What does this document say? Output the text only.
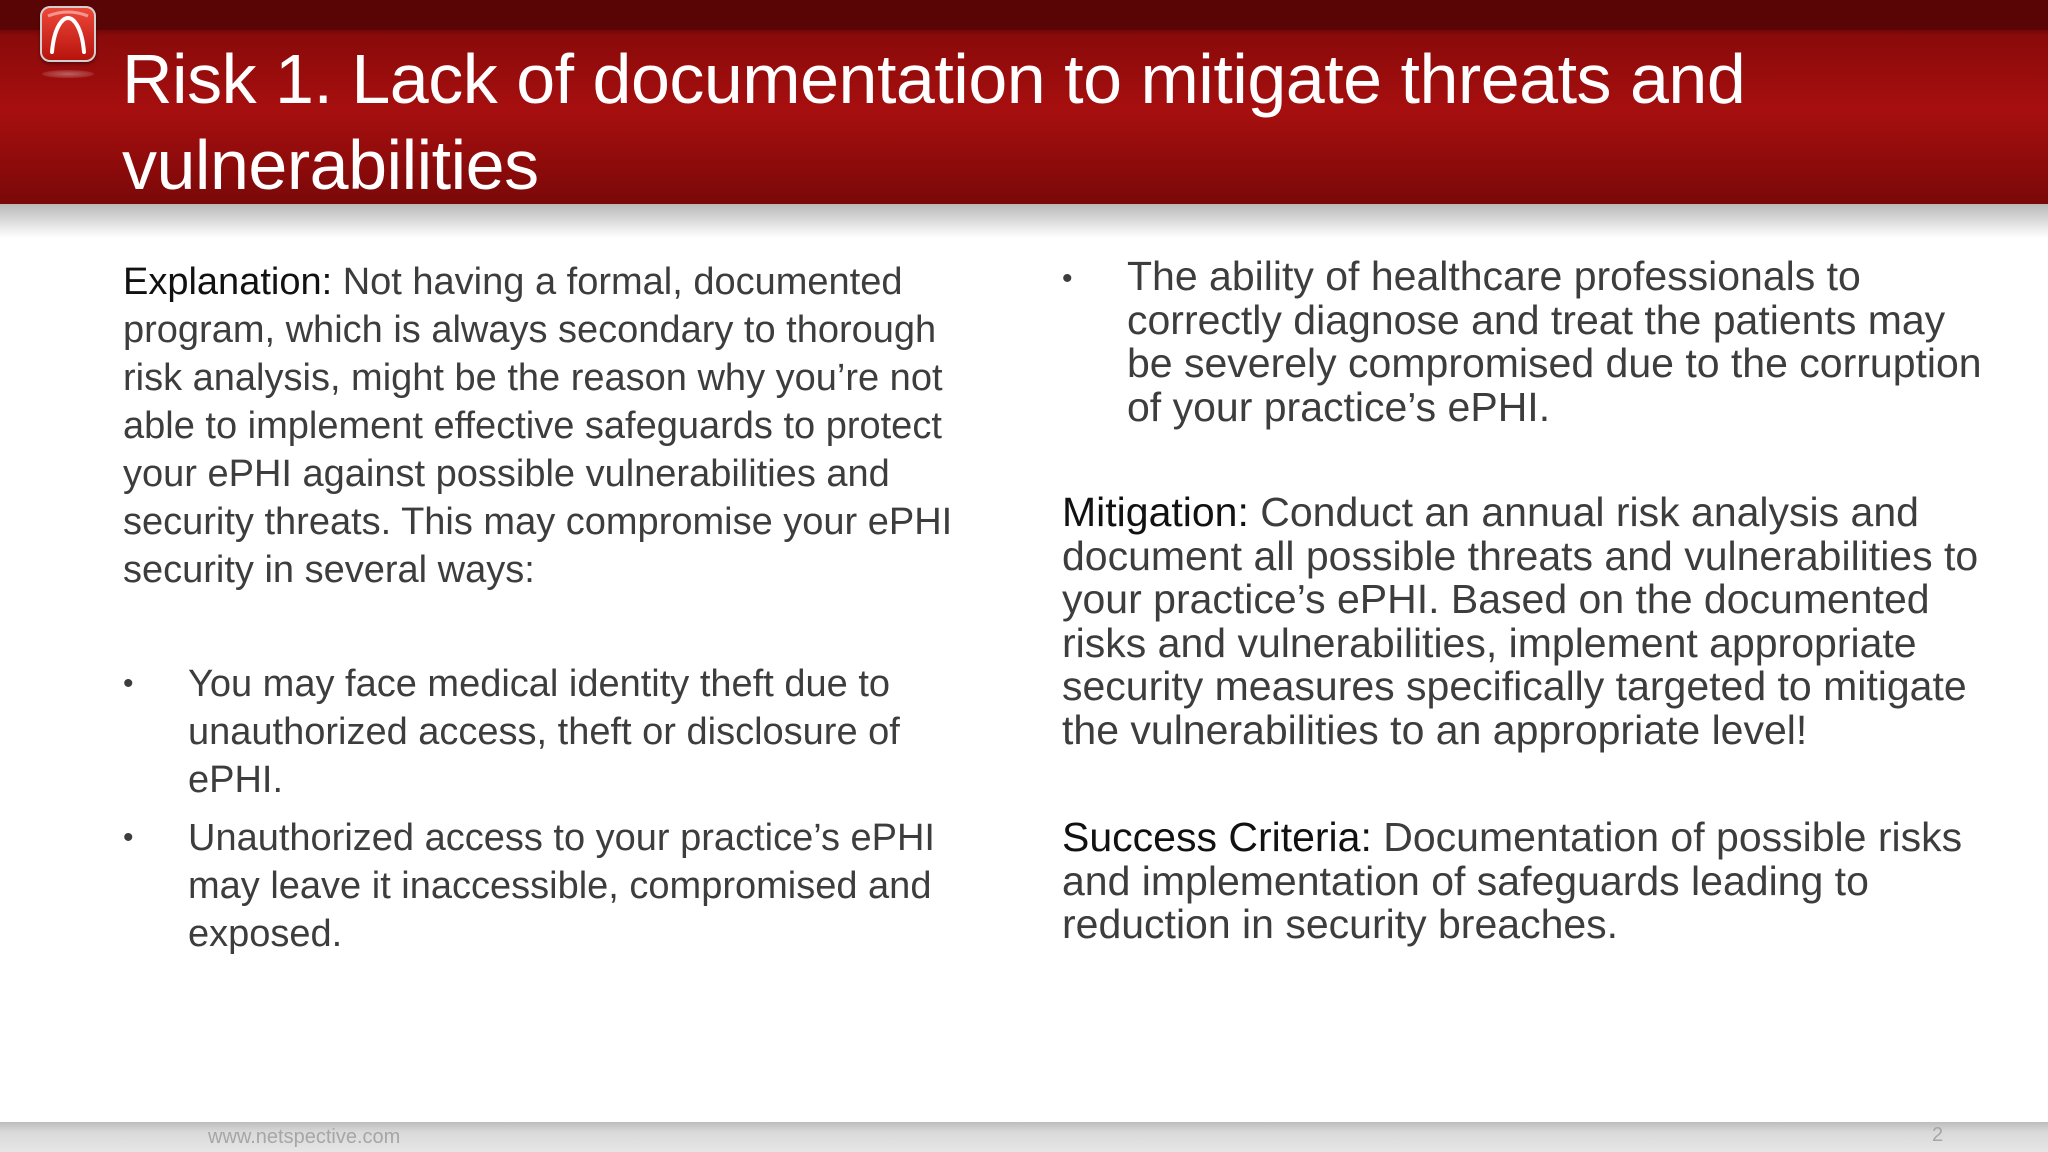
Risk 1. Lack of documentation to mitigate threats and vulnerabilities

Explanation: Not having a formal, documented program, which is always secondary to thorough risk analysis, might be the reason why you’re not able to implement effective safeguards to protect your ePHI against possible vulnerabilities and security threats. This may compromise your ePHI security in several ways:

• You may face medical identity theft due to unauthorized access, theft or disclosure of ePHI.
• Unauthorized access to your practice’s ePHI may leave it inaccessible, compromised and exposed.
• The ability of healthcare professionals to correctly diagnose and treat the patients may be severely compromised due to the corruption of your practice’s ePHI.

Mitigation: Conduct an annual risk analysis and document all possible threats and vulnerabilities to your practice’s ePHI. Based on the documented risks and vulnerabilities, implement appropriate security measures specifically targeted to mitigate the vulnerabilities to an appropriate level!

Success Criteria: Documentation of possible risks and implementation of safeguards leading to reduction in security breaches.

www.netspective.com	2
